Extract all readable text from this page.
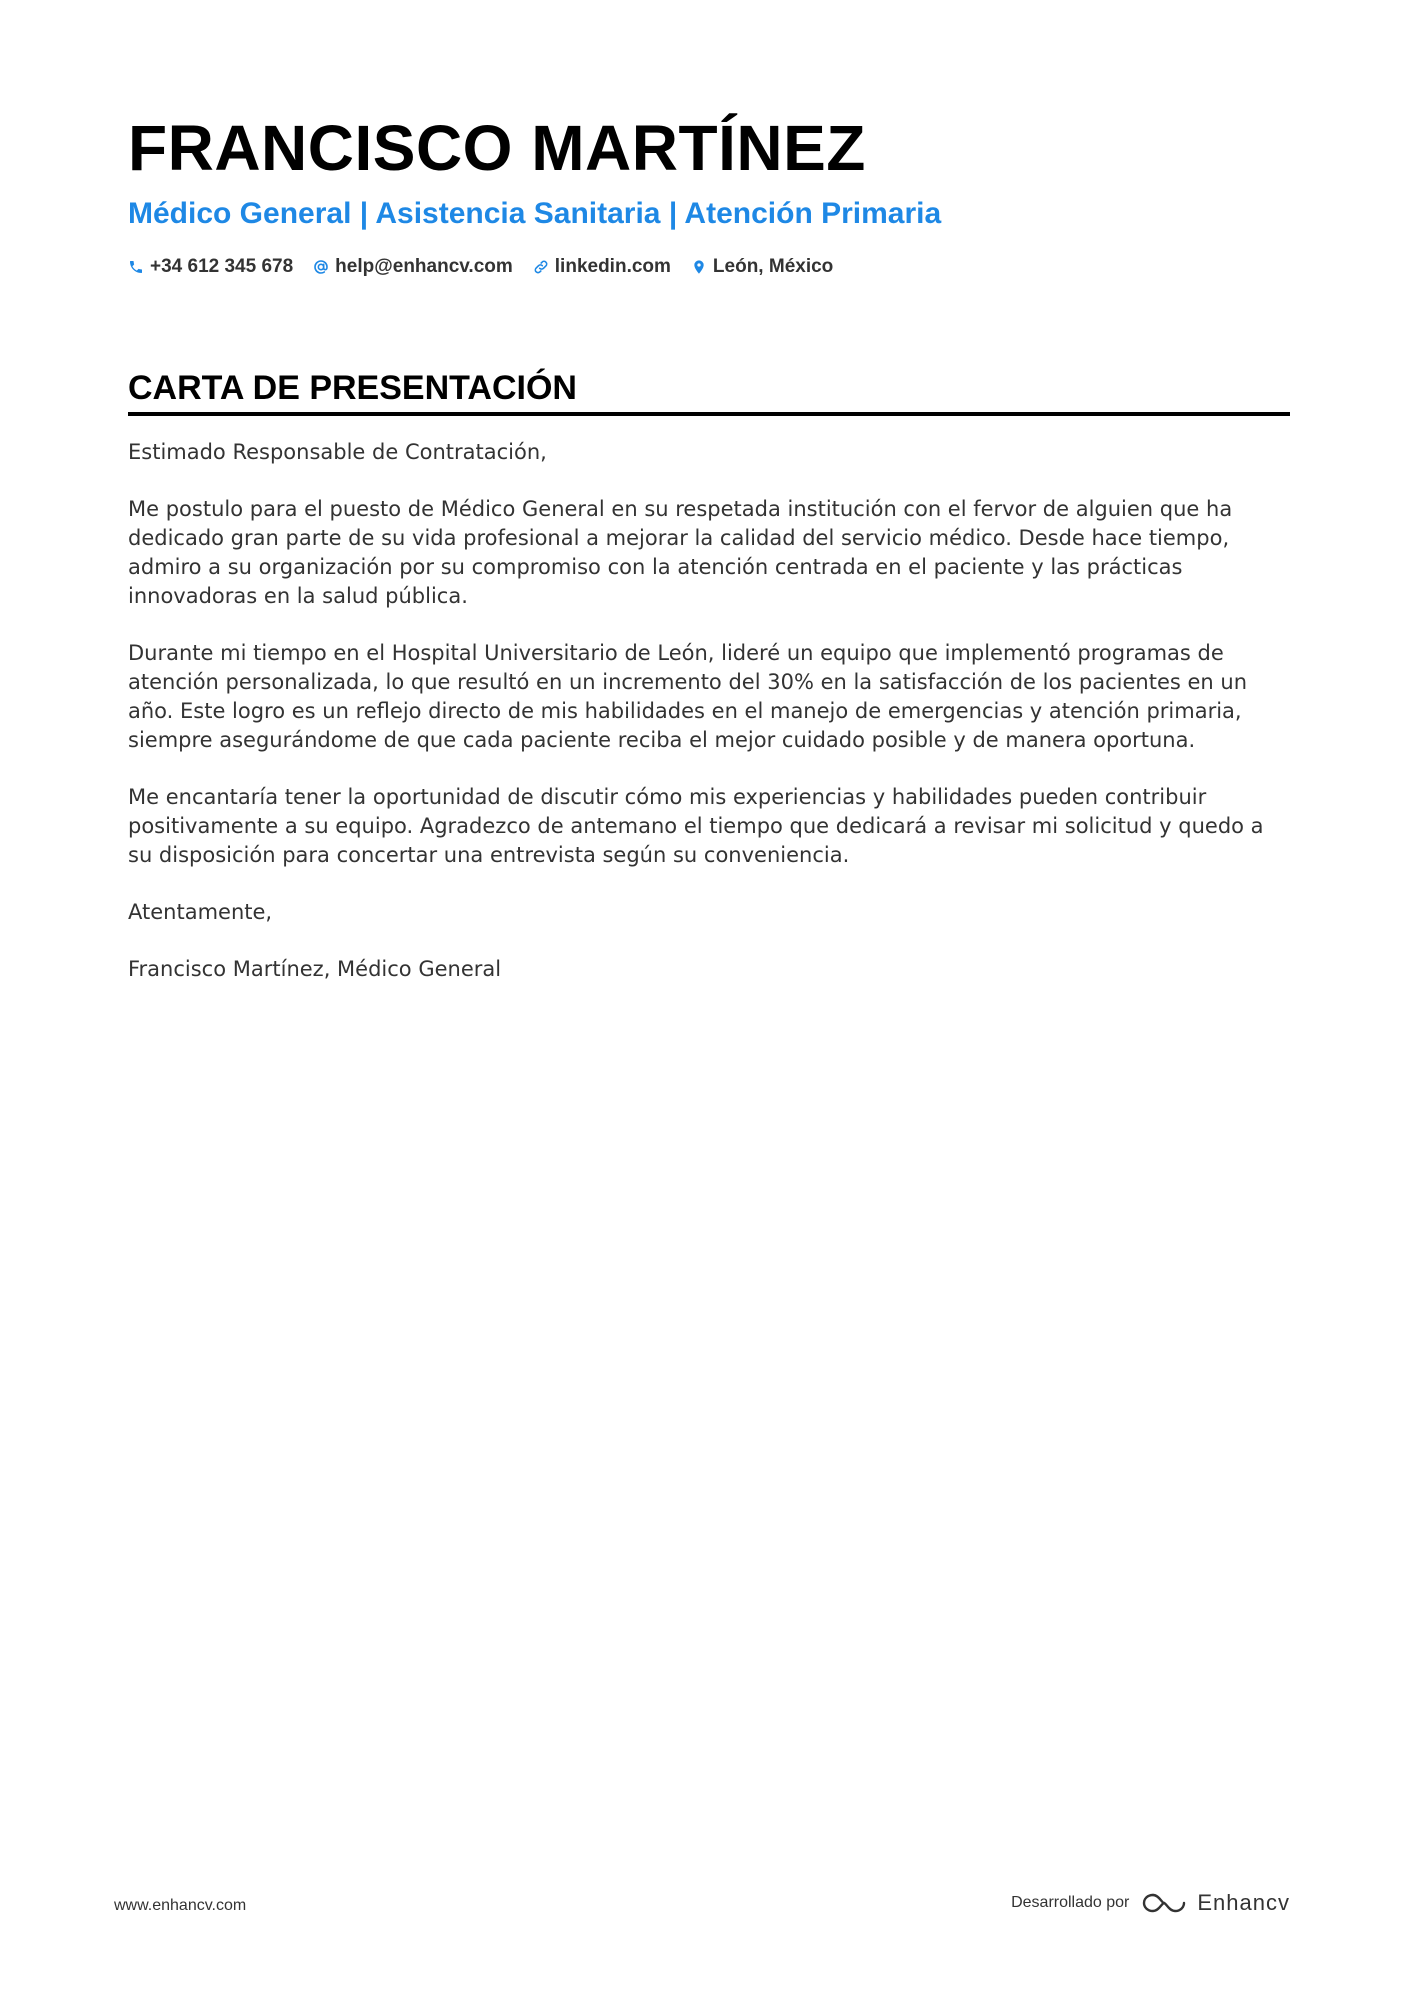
FRANCISCO MARTÍNEZ
Médico General | Asistencia Sanitaria | Atención Primaria
+34 612 345 678 help@enhancv.com linkedin.com León, México
CARTA DE PRESENTACIÓN

Estimado Responsable de Contratación,

Me postulo para el puesto de Médico General en su respetada institución con el fervor de alguien que ha dedicado gran parte de su vida profesional a mejorar la calidad del servicio médico. Desde hace tiempo, admiro a su organización por su compromiso con la atención centrada en el paciente y las prácticas innovadoras en la salud pública.

Durante mi tiempo en el Hospital Universitario de León, lideré un equipo que implementó programas de atención personalizada, lo que resultó en un incremento del 30% en la satisfacción de los pacientes en un año. Este logro es un reflejo directo de mis habilidades en el manejo de emergencias y atención primaria, siempre asegurándome de que cada paciente reciba el mejor cuidado posible y de manera oportuna.

Me encantaría tener la oportunidad de discutir cómo mis experiencias y habilidades pueden contribuir positivamente a su equipo. Agradezco de antemano el tiempo que dedicará a revisar mi solicitud y quedo a su disposición para concertar una entrevista según su conveniencia.

Atentamente,

Francisco Martínez, Médico General

www.enhancv.com	Desarrollado por	Enhancv
